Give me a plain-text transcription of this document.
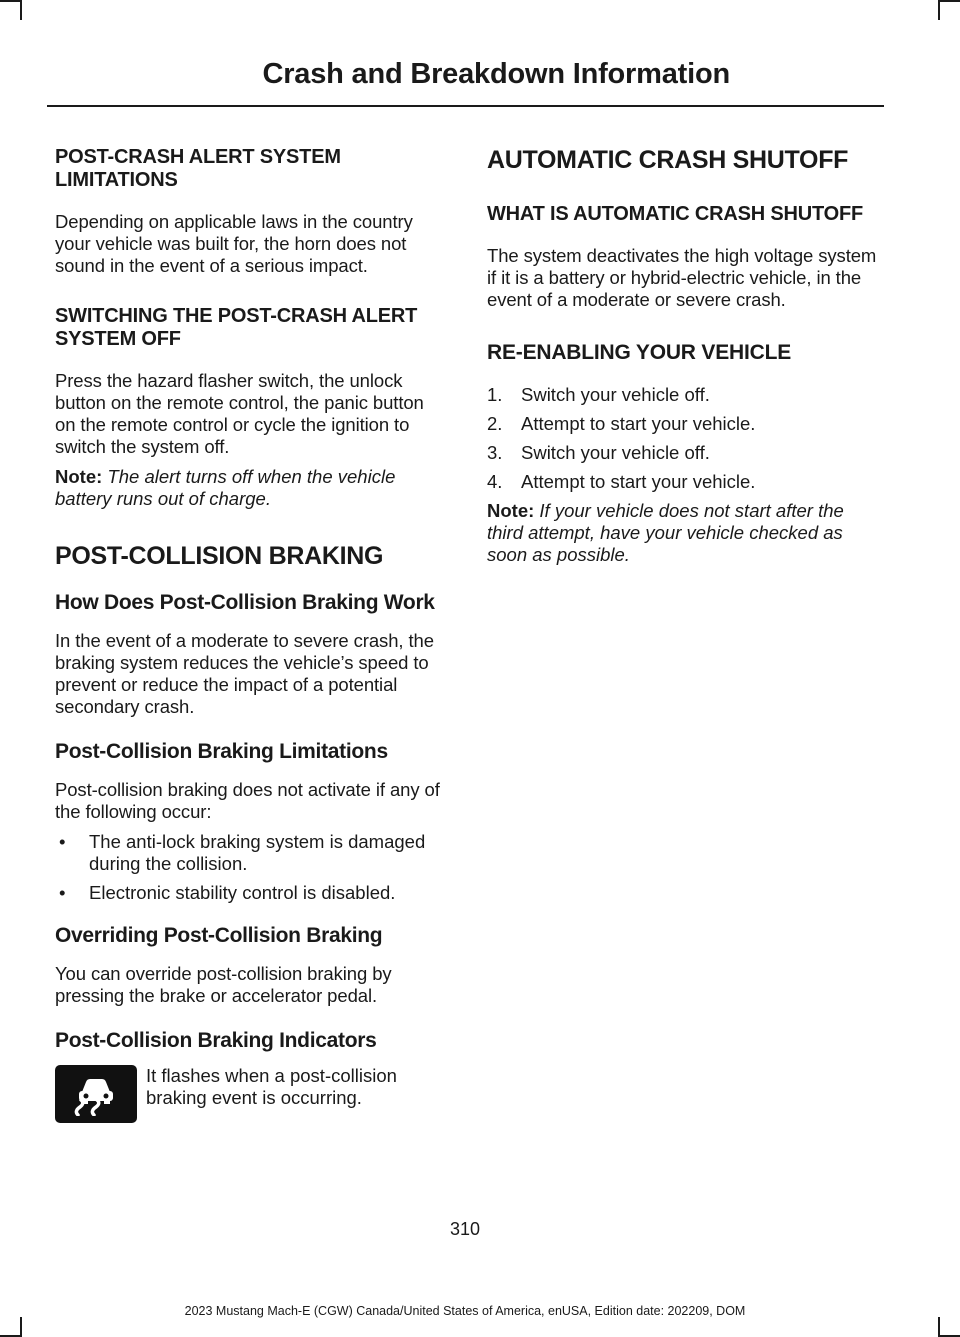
Crash and Breakdown Information
POST-CRASH ALERT SYSTEM LIMITATIONS

Depending on applicable laws in the country your vehicle was built for, the horn does not sound in the event of a serious impact.

SWITCHING THE POST-CRASH ALERT SYSTEM OFF

Press the hazard flasher switch, the unlock button on the remote control, the panic button on the remote control or cycle the ignition to switch the system off.

Note: The alert turns off when the vehicle battery runs out of charge.

POST-COLLISION BRAKING
How Does Post-Collision Braking Work

In the event of a moderate to severe crash, the braking system reduces the vehicle’s speed to prevent or reduce the impact of a potential secondary crash.

Post-Collision Braking Limitations

Post-collision braking does not activate if any of the following occur:

• The anti-lock braking system is damaged during the collision.
• Electronic stability control is disabled.
Overriding Post-Collision Braking

You can override post-collision braking by pressing the brake or accelerator pedal.

Post-Collision Braking Indicators

It flashes when a post-collision braking event is occurring.

AUTOMATIC CRASH SHUTOFF
WHAT IS AUTOMATIC CRASH SHUTOFF

The system deactivates the high voltage system if it is a battery or hybrid-electric vehicle, in the event of a moderate or severe crash.

RE-ENABLING YOUR VEHICLE
1. Switch your vehicle off.
2. Attempt to start your vehicle.
3. Switch your vehicle off.
4. Attempt to start your vehicle.

Note: If your vehicle does not start after the third attempt, have your vehicle checked as soon as possible.

310

2023 Mustang Mach-E (CGW) Canada/United States of America, enUSA, Edition date: 202209, DOM
